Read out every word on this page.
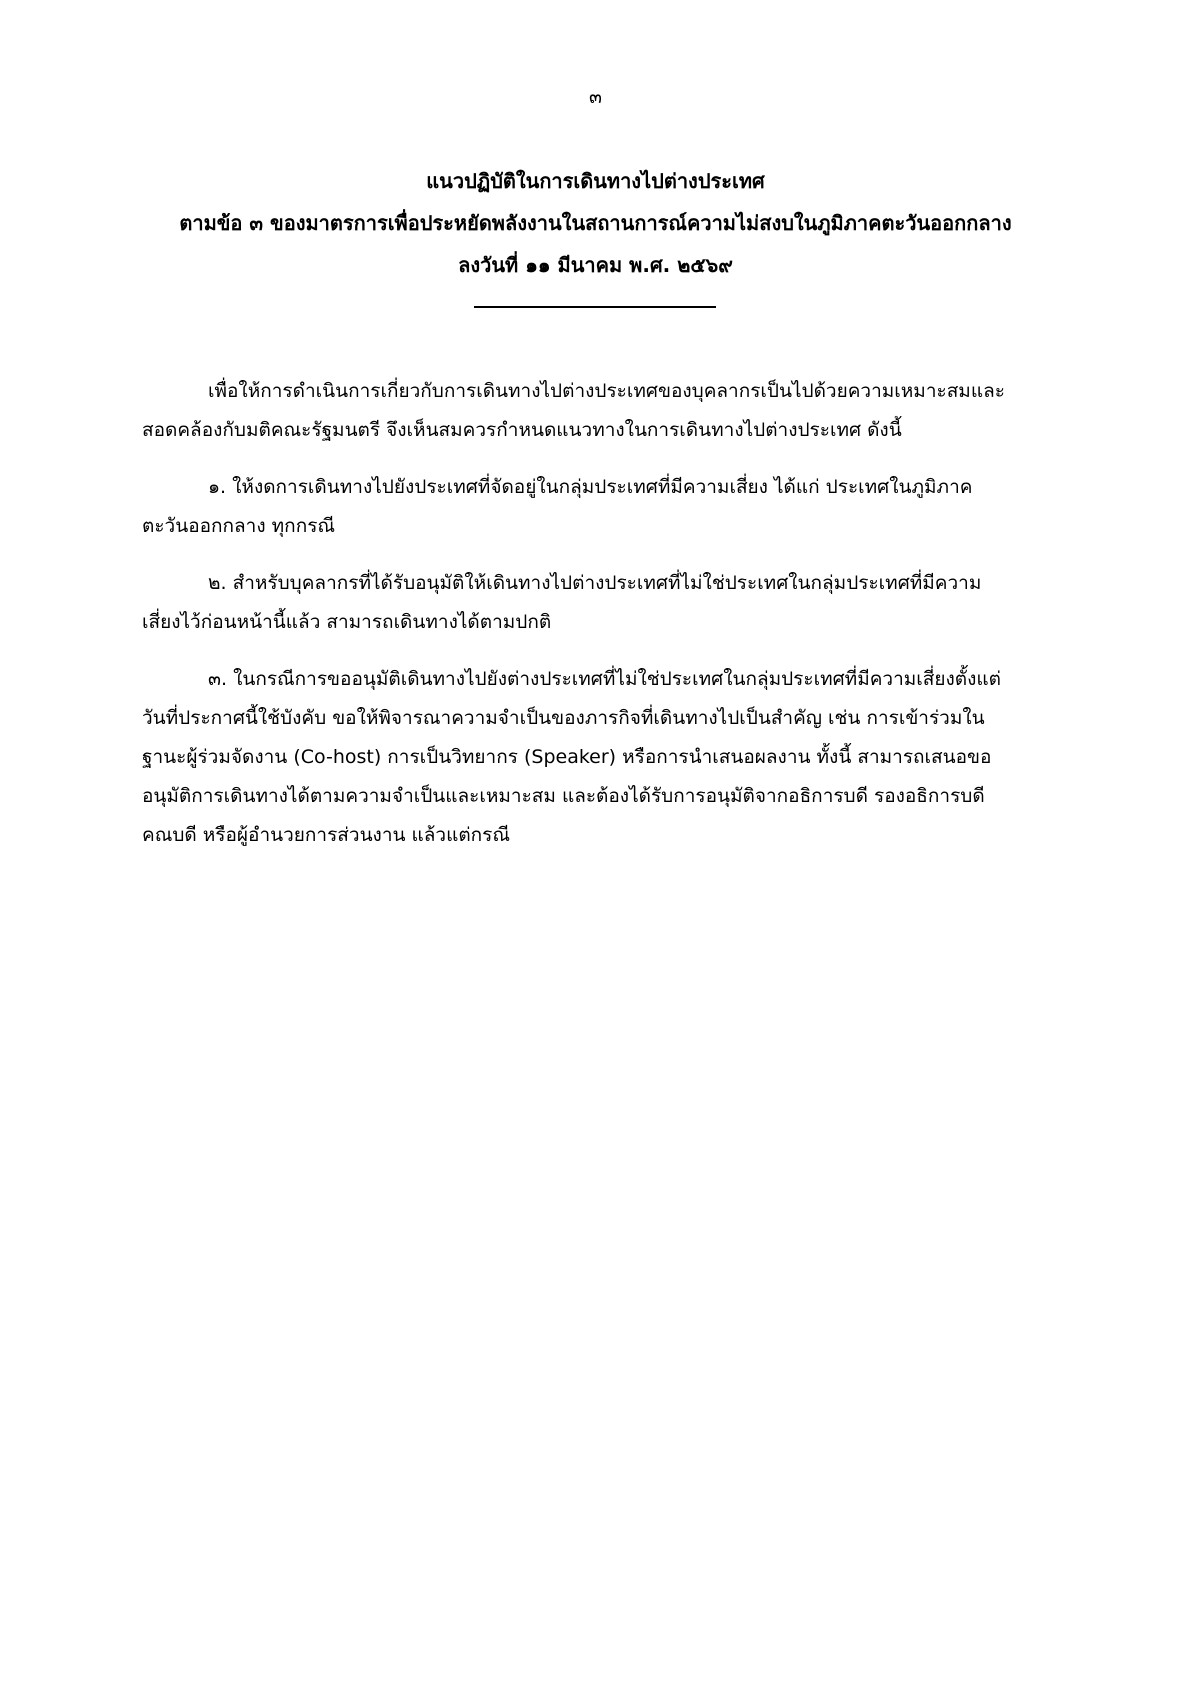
๓
แนวปฏิบัติในการเดินทางไปต่างประเทศ
ตามข้อ ๓ ของมาตรการเพื่อประหยัดพลังงานในสถานการณ์ความไม่สงบในภูมิภาคตะวันออกกลาง
ลงวันที่ ๑๑ มีนาคม พ.ศ. ๒๕๖๙
เพื่อให้การดำเนินการเกี่ยวกับการเดินทางไปต่างประเทศของบุคลากรเป็นไปด้วยความเหมาะสมและ
สอดคล้องกับมติคณะรัฐมนตรี จึงเห็นสมควรกำหนดแนวทางในการเดินทางไปต่างประเทศ ดังนี้
๑. ให้งดการเดินทางไปยังประเทศที่จัดอยู่ในกลุ่มประเทศที่มีความเสี่ยง ได้แก่ ประเทศในภูมิภาค
ตะวันออกกลาง ทุกกรณี
๒. สำหรับบุคลากรที่ได้รับอนุมัติให้เดินทางไปต่างประเทศที่ไม่ใช่ประเทศในกลุ่มประเทศที่มีความ
เสี่ยงไว้ก่อนหน้านี้แล้ว สามารถเดินทางได้ตามปกติ
๓. ในกรณีการขออนุมัติเดินทางไปยังต่างประเทศที่ไม่ใช่ประเทศในกลุ่มประเทศที่มีความเสี่ยงตั้งแต่
วันที่ประกาศนี้ใช้บังคับ ขอให้พิจารณาความจำเป็นของภารกิจที่เดินทางไปเป็นสำคัญ เช่น การเข้าร่วมใน
ฐานะผู้ร่วมจัดงาน (Co-host) การเป็นวิทยากร (Speaker) หรือการนำเสนอผลงาน ทั้งนี้ สามารถเสนอขอ
อนุมัติการเดินทางได้ตามความจำเป็นและเหมาะสม และต้องได้รับการอนุมัติจากอธิการบดี รองอธิการบดี
คณบดี หรือผู้อำนวยการส่วนงาน แล้วแต่กรณี
